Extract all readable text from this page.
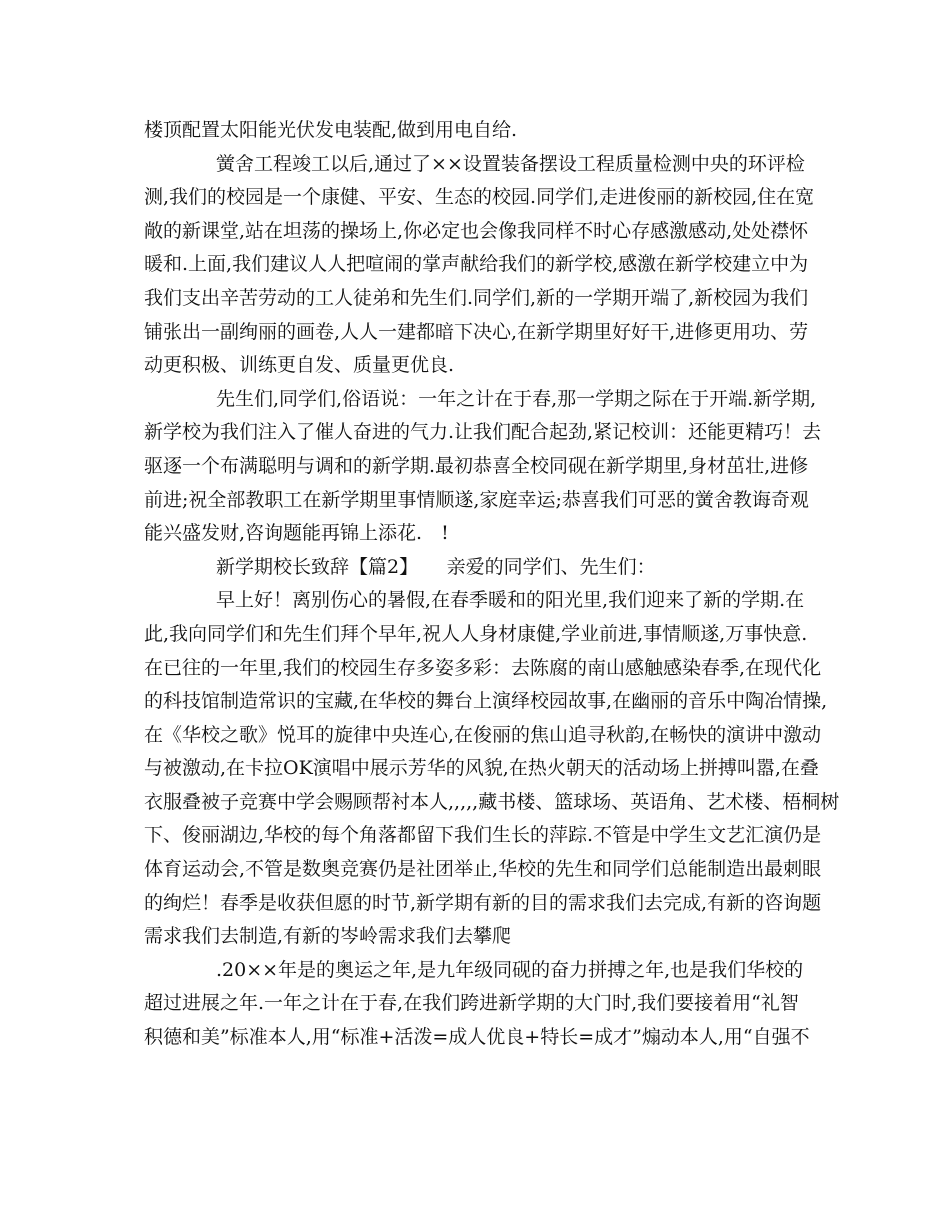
楼顶配置太阳能光伏发电装配,做到用电自给.
黉舍工程竣工以后,通过了××设置装备摆设工程质量检测中央的环评检
测,我们的校园是一个康健、平安、生态的校园.同学们,走进俊丽的新校园,住在宽
敞的新课堂,站在坦荡的操场上,你必定也会像我同样不时心存感激感动,处处襟怀
暖和.上面,我们建议人人把喧闹的掌声献给我们的新学校,感激在新学校建立中为
我们支出辛苦劳动的工人徒弟和先生们.同学们,新的一学期开端了,新校园为我们
铺张出一副绚丽的画卷,人人一建都暗下决心,在新学期里好好干,进修更用功、劳
动更积极、训练更自发、质量更优良.
先生们,同学们,俗语说：一年之计在于春,那一学期之际在于开端.新学期,
新学校为我们注入了催人奋进的气力.让我们配合起劲,紧记校训：还能更精巧！去
驱逐一个布满聪明与调和的新学期.最初恭喜全校同砚在新学期里,身材茁壮,进修
前进;祝全部教职工在新学期里事情顺遂,家庭幸运;恭喜我们可恶的黉舍教诲奇观
能兴盛发财,咨询题能再锦上添花.　!
新学期校长致辞【篇2】　　亲爱的同学们、先生们：
早上好！离别伤心的暑假,在春季暖和的阳光里,我们迎来了新的学期.在
此,我向同学们和先生们拜个早年,祝人人身材康健,学业前进,事情顺遂,万事快意.
在已往的一年里,我们的校园生存多姿多彩：去陈腐的南山感触感染春季,在现代化
的科技馆制造常识的宝藏,在华校的舞台上演绎校园故事,在幽丽的音乐中陶冶情操,
在《华校之歌》悦耳的旋律中央连心,在俊丽的焦山追寻秋韵,在畅快的演讲中激动
与被激动,在卡拉OK演唱中展示芳华的风貌,在热火朝天的活动场上拼搏叫嚣,在叠
衣服叠被子竞赛中学会赐顾帮衬本人,,,,,藏书楼、篮球场、英语角、艺术楼、梧桐树
下、俊丽湖边,华校的每个角落都留下我们生长的萍踪.不管是中学生文艺汇演仍是
体育运动会,不管是数奥竞赛仍是社团举止,华校的先生和同学们总能制造出最刺眼
的绚烂！春季是收获但愿的时节,新学期有新的目的需求我们去完成,有新的咨询题
需求我们去制造,有新的岑岭需求我们去攀爬
.20××年是的奥运之年,是九年级同砚的奋力拼搏之年,也是我们华校的
超过进展之年.一年之计在于春,在我们跨进新学期的大门时,我们要接着用“礼智
积德和美”标准本人,用“标准+活泼=成人优良+特长=成才”煽动本人,用“自强不
